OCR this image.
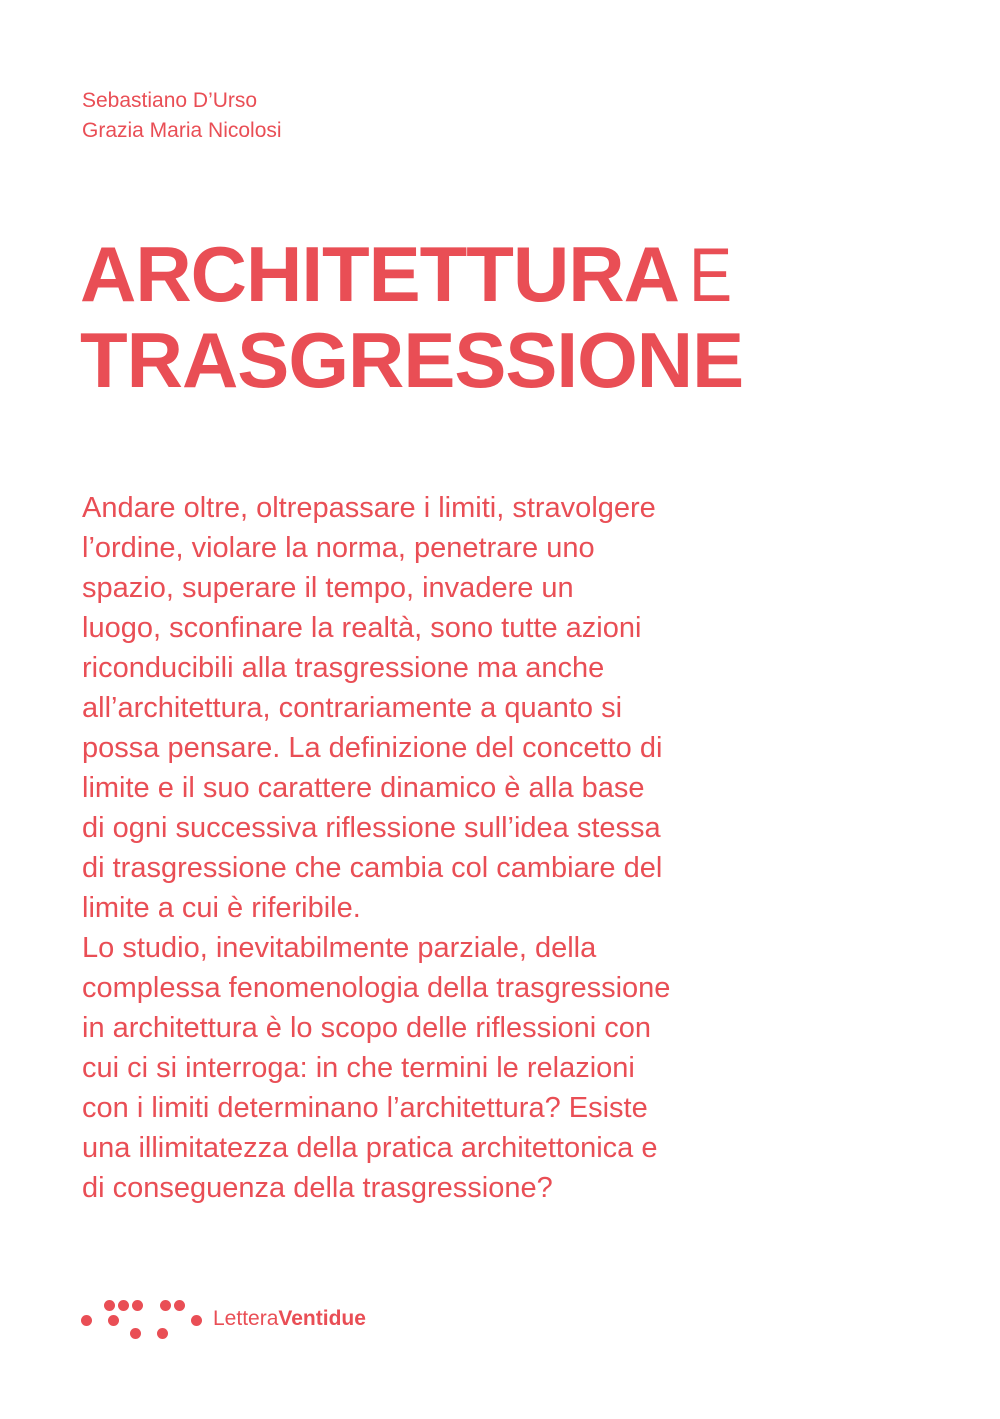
Sebastiano D’Urso
Grazia Maria Nicolosi
ARCHITETTURA E
TRASGRESSIONE
Andare oltre, oltrepassare i limiti, stravolgere
l’ordine, violare la norma, penetrare uno
spazio, superare il tempo, invadere un
luogo, sconfinare la realtà, sono tutte azioni
riconducibili alla trasgressione ma anche
all’architettura, contrariamente a quanto si
possa pensare. La definizione del concetto di
limite e il suo carattere dinamico è alla base
di ogni successiva riflessione sull’idea stessa
di trasgressione che cambia col cambiare del
limite a cui è riferibile.
Lo studio, inevitabilmente parziale, della
complessa fenomenologia della trasgressione
in architettura è lo scopo delle riflessioni con
cui ci si interroga: in che termini le relazioni
con i limiti determinano l’architettura? Esiste
una illimitatezza della pratica architettonica e
di conseguenza della trasgressione?
LetteraVentidue
